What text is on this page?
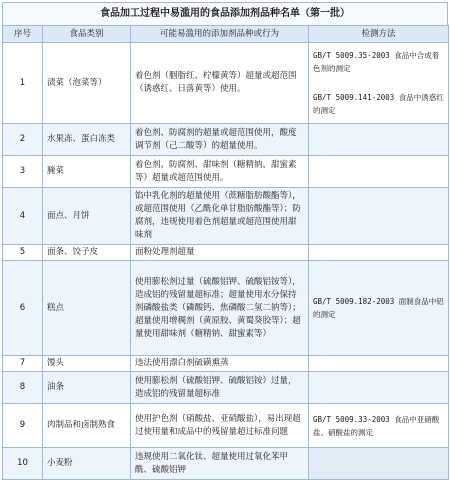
食品加工过程中易滥用的食品添加剂品种名单（第一批）
序号	食品类别	可能易滥用的添加剂品种或行为	检测方法
1	渍菜（泡菜等）	着色剂（胭脂红、柠檬黄等）超量或超范围（诱惑红、日落黄等）使用。	GB/T 5009.35-2003 食品中合成着色剂的测定
GB/T 5009.141-2003 食品中诱惑红的测定

2	水果冻、蛋白冻类	着色剂、防腐剂的超量或超范围使用，酸度调节剂（己二酸等）的超量使用。	
3	腌菜	着色剂、防腐剂、甜味剂（糖精钠、甜蜜素等）超量或超范围使用。	
4	面点、月饼	馅中乳化剂的超量使用（蔗糖脂肪酸酯等），或超范围使用（乙酰化单甘脂肪酸酯等）；防腐剂，违规使用着色剂超量或超范围使用甜味剂	
5	面条、饺子皮	面粉处理剂超量	
6	糕点	使用膨松剂过量（硫酸铝钾、硫酸铝铵等），造成铝的残留量超标准；超量使用水分保持剂磷酸盐类（磷酸钙、焦磷酸二氢二钠等）；超量使用增稠剂（黄原胶、黄蜀葵胶等）；超量使用甜味剂（糖精钠、甜蜜素等）	GB/T 5009.182-2003 面制食品中铝的测定
7	馒头	违法使用漂白剂硫磺熏蒸	
8	油条	使用膨松剂（硫酸铝钾、硫酸铝铵）过量，造成铝的残留量超标准	
9	肉制品和卤制熟食	使用护色剂（硝酸盐、亚硝酸盐），易出现超过使用量和成品中的残留量超过标准问题	GB/T 5009.33-2003 食品中亚硝酸盐、硝酸盐的测定
10	小麦粉	违规使用二氧化钛、超量使用过氧化苯甲酰、硫酸铝钾	
